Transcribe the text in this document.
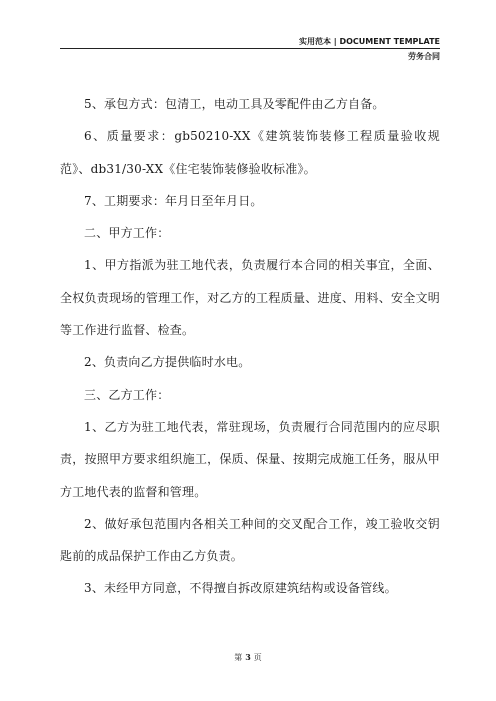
实用范本 | DOCUMENT TEMPLATE
劳务合同

5、承包方式：包清工，电动工具及零配件由乙方自备。

6、质量要求：gb50210-XX《建筑装饰装修工程质量验收规范》、db31/30-XX《住宅装饰装修验收标准》。

7、工期要求：年月日至年月日。

二、甲方工作：

1、甲方指派为驻工地代表，负责履行本合同的相关事宜，全面、全权负责现场的管理工作，对乙方的工程质量、进度、用料、安全文明等工作进行监督、检查。

2、负责向乙方提供临时水电。

三、乙方工作：

1、乙方为驻工地代表，常驻现场，负责履行合同范围内的应尽职责，按照甲方要求组织施工，保质、保量、按期完成施工任务，服从甲方工地代表的监督和管理。

2、做好承包范围内各相关工种间的交叉配合工作，竣工验收交钥匙前的成品保护工作由乙方负责。

3、未经甲方同意，不得擅自拆改原建筑结构或设备管线。

第 3 页
